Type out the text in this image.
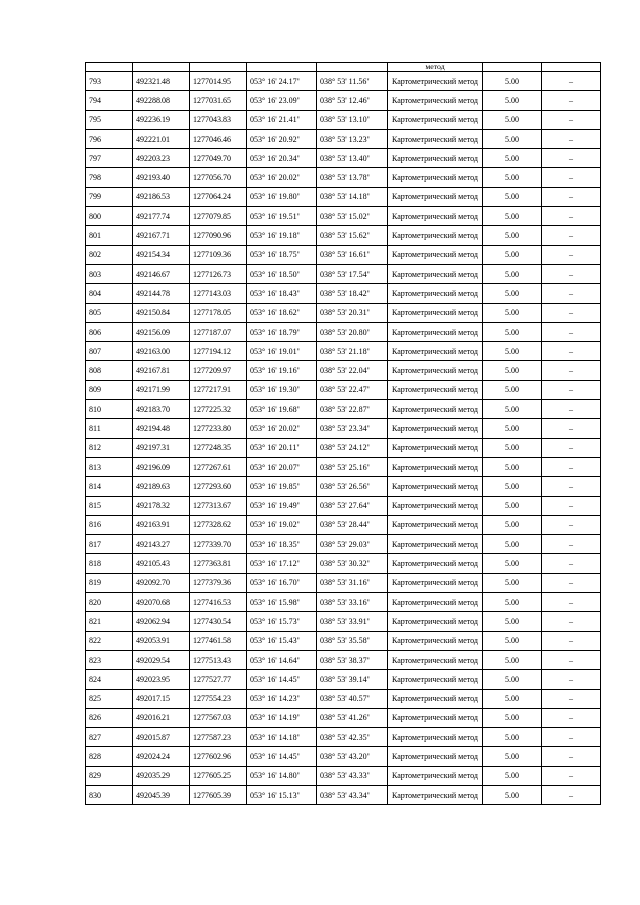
					метод		

793	492321.48	1277014.95	053° 16' 24.17"	038° 53' 11.56"	Картометрический метод	5.00	–
794	492288.08	1277031.65	053° 16' 23.09"	038° 53' 12.46"	Картометрический метод	5.00	–
795	492236.19	1277043.83	053° 16' 21.41"	038° 53' 13.10"	Картометрический метод	5.00	–
796	492221.01	1277046.46	053° 16' 20.92"	038° 53' 13.23"	Картометрический метод	5.00	–
797	492203.23	1277049.70	053° 16' 20.34"	038° 53' 13.40"	Картометрический метод	5.00	–
798	492193.40	1277056.70	053° 16' 20.02"	038° 53' 13.78"	Картометрический метод	5.00	–
799	492186.53	1277064.24	053° 16' 19.80"	038° 53' 14.18"	Картометрический метод	5.00	–
800	492177.74	1277079.85	053° 16' 19.51"	038° 53' 15.02"	Картометрический метод	5.00	–
801	492167.71	1277090.96	053° 16' 19.18"	038° 53' 15.62"	Картометрический метод	5.00	–
802	492154.34	1277109.36	053° 16' 18.75"	038° 53' 16.61"	Картометрический метод	5.00	–
803	492146.67	1277126.73	053° 16' 18.50"	038° 53' 17.54"	Картометрический метод	5.00	–
804	492144.78	1277143.03	053° 16' 18.43"	038° 53' 18.42"	Картометрический метод	5.00	–
805	492150.84	1277178.05	053° 16' 18.62"	038° 53' 20.31"	Картометрический метод	5.00	–
806	492156.09	1277187.07	053° 16' 18.79"	038° 53' 20.80"	Картометрический метод	5.00	–
807	492163.00	1277194.12	053° 16' 19.01"	038° 53' 21.18"	Картометрический метод	5.00	–
808	492167.81	1277209.97	053° 16' 19.16"	038° 53' 22.04"	Картометрический метод	5.00	–
809	492171.99	1277217.91	053° 16' 19.30"	038° 53' 22.47"	Картометрический метод	5.00	–
810	492183.70	1277225.32	053° 16' 19.68"	038° 53' 22.87"	Картометрический метод	5.00	–
811	492194.48	1277233.80	053° 16' 20.02"	038° 53' 23.34"	Картометрический метод	5.00	–
812	492197.31	1277248.35	053° 16' 20.11"	038° 53' 24.12"	Картометрический метод	5.00	–
813	492196.09	1277267.61	053° 16' 20.07"	038° 53' 25.16"	Картометрический метод	5.00	–
814	492189.63	1277293.60	053° 16' 19.85"	038° 53' 26.56"	Картометрический метод	5.00	–
815	492178.32	1277313.67	053° 16' 19.49"	038° 53' 27.64"	Картометрический метод	5.00	–
816	492163.91	1277328.62	053° 16' 19.02"	038° 53' 28.44"	Картометрический метод	5.00	–
817	492143.27	1277339.70	053° 16' 18.35"	038° 53' 29.03"	Картометрический метод	5.00	–
818	492105.43	1277363.81	053° 16' 17.12"	038° 53' 30.32"	Картометрический метод	5.00	–
819	492092.70	1277379.36	053° 16' 16.70"	038° 53' 31.16"	Картометрический метод	5.00	–
820	492070.68	1277416.53	053° 16' 15.98"	038° 53' 33.16"	Картометрический метод	5.00	–
821	492062.94	1277430.54	053° 16' 15.73"	038° 53' 33.91"	Картометрический метод	5.00	–
822	492053.91	1277461.58	053° 16' 15.43"	038° 53' 35.58"	Картометрический метод	5.00	–
823	492029.54	1277513.43	053° 16' 14.64"	038° 53' 38.37"	Картометрический метод	5.00	–
824	492023.95	1277527.77	053° 16' 14.45"	038° 53' 39.14"	Картометрический метод	5.00	–
825	492017.15	1277554.23	053° 16' 14.23"	038° 53' 40.57"	Картометрический метод	5.00	–
826	492016.21	1277567.03	053° 16' 14.19"	038° 53' 41.26"	Картометрический метод	5.00	–
827	492015.87	1277587.23	053° 16' 14.18"	038° 53' 42.35"	Картометрический метод	5.00	–
828	492024.24	1277602.96	053° 16' 14.45"	038° 53' 43.20"	Картометрический метод	5.00	–
829	492035.29	1277605.25	053° 16' 14.80"	038° 53' 43.33"	Картометрический метод	5.00	–
830	492045.39	1277605.39	053° 16' 15.13"	038° 53' 43.34"	Картометрический метод	5.00	–
